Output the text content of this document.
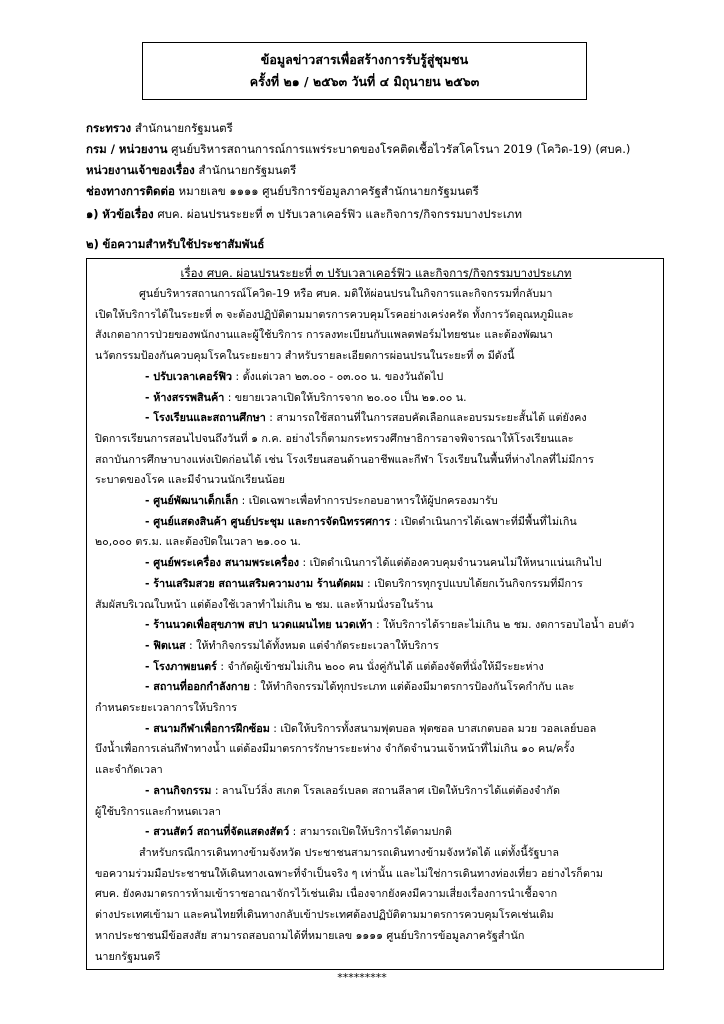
ข้อมูลข่าวสารเพื่อสร้างการรับรู้สู่ชุมชน
ครั้งที่ ๒๑ / ๒๕๖๓ วันที่ ๔ มิถุนายน ๒๕๖๓
กระทรวง สำนักนายกรัฐมนตรี
กรม / หน่วยงาน ศูนย์บริหารสถานการณ์การแพร่ระบาดของโรคติดเชื้อไวรัสโคโรนา 2019 (โควิด-19) (ศบค.)
หน่วยงานเจ้าของเรื่อง สำนักนายกรัฐมนตรี
ช่องทางการติดต่อ หมายเลข ๑๑๑๑ ศูนย์บริการข้อมูลภาครัฐสำนักนายกรัฐมนตรี
๑) หัวข้อเรื่อง ศบค. ผ่อนปรนระยะที่ ๓ ปรับเวลาเคอร์ฟิว และกิจการ/กิจกรรมบางประเภท
๒) ข้อความสำหรับใช้ประชาสัมพันธ์
เรื่อง ศบค. ผ่อนปรนระยะที่ ๓ ปรับเวลาเคอร์ฟิว และกิจการ/กิจกรรมบางประเภท
ศูนย์บริหารสถานการณ์โควิด-19 หรือ ศบค. มติให้ผ่อนปรนในกิจการและกิจกรรมที่กลับมา
เปิดให้บริการได้ในระยะที่ ๓ จะต้องปฏิบัติตามมาตรการควบคุมโรคอย่างเคร่งครัด ทั้งการวัดอุณหภูมิและ
สังเกตอาการป่วยของพนักงานและผู้ใช้บริการ การลงทะเบียนกับแพลตฟอร์มไทยชนะ และต้องพัฒนา
นวัตกรรมป้องกันควบคุมโรคในระยะยาว สำหรับรายละเอียดการผ่อนปรนในระยะที่ ๓ มีดังนี้
- ปรับเวลาเคอร์ฟิว : ตั้งแต่เวลา ๒๓.๐๐ - ๐๓.๐๐ น. ของวันถัดไป
- ห้างสรรพสินค้า : ขยายเวลาเปิดให้บริการจาก ๒๐.๐๐ เป็น ๒๑.๐๐ น.
- โรงเรียนและสถานศึกษา : สามารถใช้สถานที่ในการสอบคัดเลือกและอบรมระยะสั้นได้ แต่ยังคง
ปิดการเรียนการสอนไปจนถึงวันที่ ๑ ก.ค. อย่างไรก็ตามกระทรวงศึกษาธิการอาจพิจารณาให้โรงเรียนและ
สถาบันการศึกษาบางแห่งเปิดก่อนได้ เช่น โรงเรียนสอนด้านอาชีพและกีฬา โรงเรียนในพื้นที่ห่างไกลที่ไม่มีการ
ระบาดของโรค และมีจำนวนนักเรียนน้อย
- ศูนย์พัฒนาเด็กเล็ก : เปิดเฉพาะเพื่อทำการประกอบอาหารให้ผู้ปกครองมารับ
- ศูนย์แสดงสินค้า ศูนย์ประชุม และการจัดนิทรรศการ : เปิดดำเนินการได้เฉพาะที่มีพื้นที่ไม่เกิน
๒๐,๐๐๐ ตร.ม. และต้องปิดในเวลา ๒๑.๐๐ น.
- ศูนย์พระเครื่อง สนามพระเครื่อง : เปิดดำเนินการได้แต่ต้องควบคุมจำนวนคนไม่ให้หนาแน่นเกินไป
- ร้านเสริมสวย สถานเสริมความงาม ร้านตัดผม : เปิดบริการทุกรูปแบบได้ยกเว้นกิจกรรมที่มีการ
สัมผัสบริเวณใบหน้า แต่ต้องใช้เวลาทำไม่เกิน ๒ ชม. และห้ามนั่งรอในร้าน
- ร้านนวดเพื่อสุขภาพ สปา นวดแผนไทย นวดเท้า : ให้บริการได้รายละไม่เกิน ๒ ชม. งดการอบไอน้ำ อบตัว
- ฟิตเนส : ให้ทำกิจกรรมได้ทั้งหมด แต่จำกัดระยะเวลาให้บริการ
- โรงภาพยนตร์ : จำกัดผู้เข้าชมไม่เกิน ๒๐๐ คน นั่งคู่กันได้ แต่ต้องจัดที่นั่งให้มีระยะห่าง
- สถานที่ออกกำลังกาย : ให้ทำกิจกรรมได้ทุกประเภท แต่ต้องมีมาตรการป้องกันโรคกำกับ และ
กำหนดระยะเวลาการให้บริการ
- สนามกีฬาเพื่อการฝึกซ้อม : เปิดให้บริการทั้งสนามฟุตบอล ฟุตซอล บาสเกตบอล มวย วอลเลย์บอล
บึงน้ำเพื่อการเล่นกีฬาทางน้ำ แต่ต้องมีมาตรการรักษาระยะห่าง จำกัดจำนวนเจ้าหน้าที่ไม่เกิน ๑๐ คน/ครั้ง
และจำกัดเวลา
- ลานกิจกรรม : ลานโบว์ลิ่ง สเกต โรลเลอร์เบลด สถานลีลาศ เปิดให้บริการได้แต่ต้องจำกัด
ผู้ใช้บริการและกำหนดเวลา
- สวนสัตว์ สถานที่จัดแสดงสัตว์ : สามารถเปิดให้บริการได้ตามปกติ
สำหรับกรณีการเดินทางข้ามจังหวัด ประชาชนสามารถเดินทางข้ามจังหวัดได้ แต่ทั้งนี้รัฐบาล
ขอความร่วมมือประชาชนให้เดินทางเฉพาะที่จำเป็นจริง ๆ เท่านั้น และไม่ใช่การเดินทางท่องเที่ยว อย่างไรก็ตาม
ศบค. ยังคงมาตรการห้ามเข้าราชอาณาจักรไว้เช่นเดิม เนื่องจากยังคงมีความเสี่ยงเรื่องการนำเชื้อจาก
ต่างประเทศเข้ามา และคนไทยที่เดินทางกลับเข้าประเทศต้องปฏิบัติตามมาตรการควบคุมโรคเช่นเดิม
หากประชาชนมีข้อสงสัย สามารถสอบถามได้ที่หมายเลข ๑๑๑๑ ศูนย์บริการข้อมูลภาครัฐสำนัก
นายกรัฐมนตรี
*********
